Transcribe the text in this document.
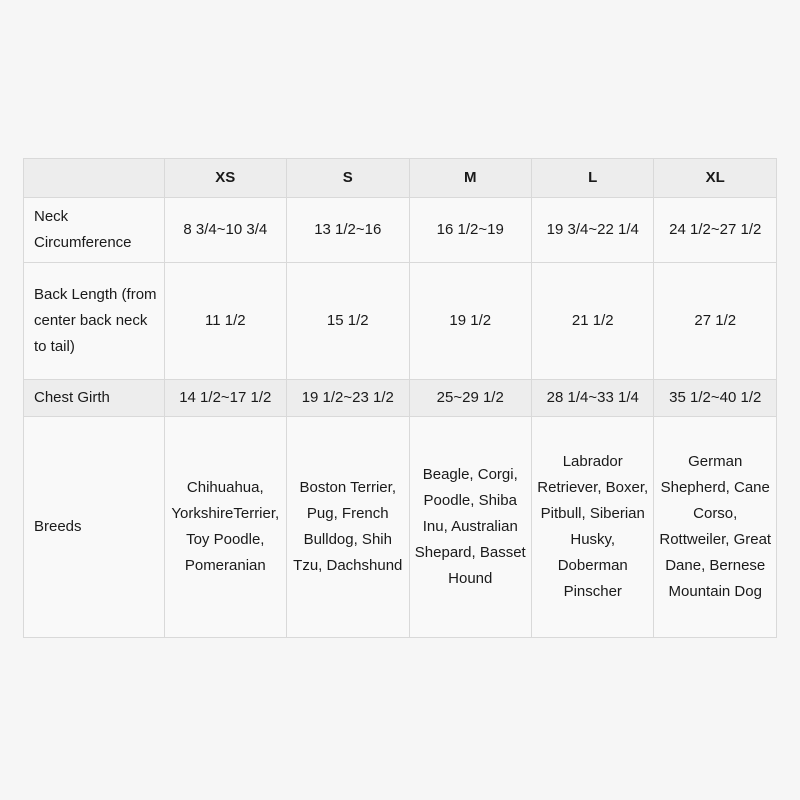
	XS	S	M	L	XL
Neck Circumference	8 3/4~10 3/4	13 1/2~16	16 1/2~19	19 3/4~22 1/4	24 1/2~27 1/2
Back Length (from center back neck to tail)	11 1/2	15 1/2	19 1/2	21 1/2	27 1/2
Chest Girth	14 1/2~17 1/2	19 1/2~23 1/2	25~29 1/2	28 1/4~33 1/4	35 1/2~40 1/2
Breeds	Chihuahua, YorkshireTerrier, Toy Poodle, Pomeranian	Boston Terrier, Pug, French Bulldog, Shih Tzu, Dachshund	Beagle, Corgi, Poodle, Shiba Inu, Australian Shepard, Basset Hound	Labrador Retriever, Boxer, Pitbull, Siberian Husky, Doberman Pinscher	German Shepherd, Cane Corso, Rottweiler, Great Dane, Bernese Mountain Dog
